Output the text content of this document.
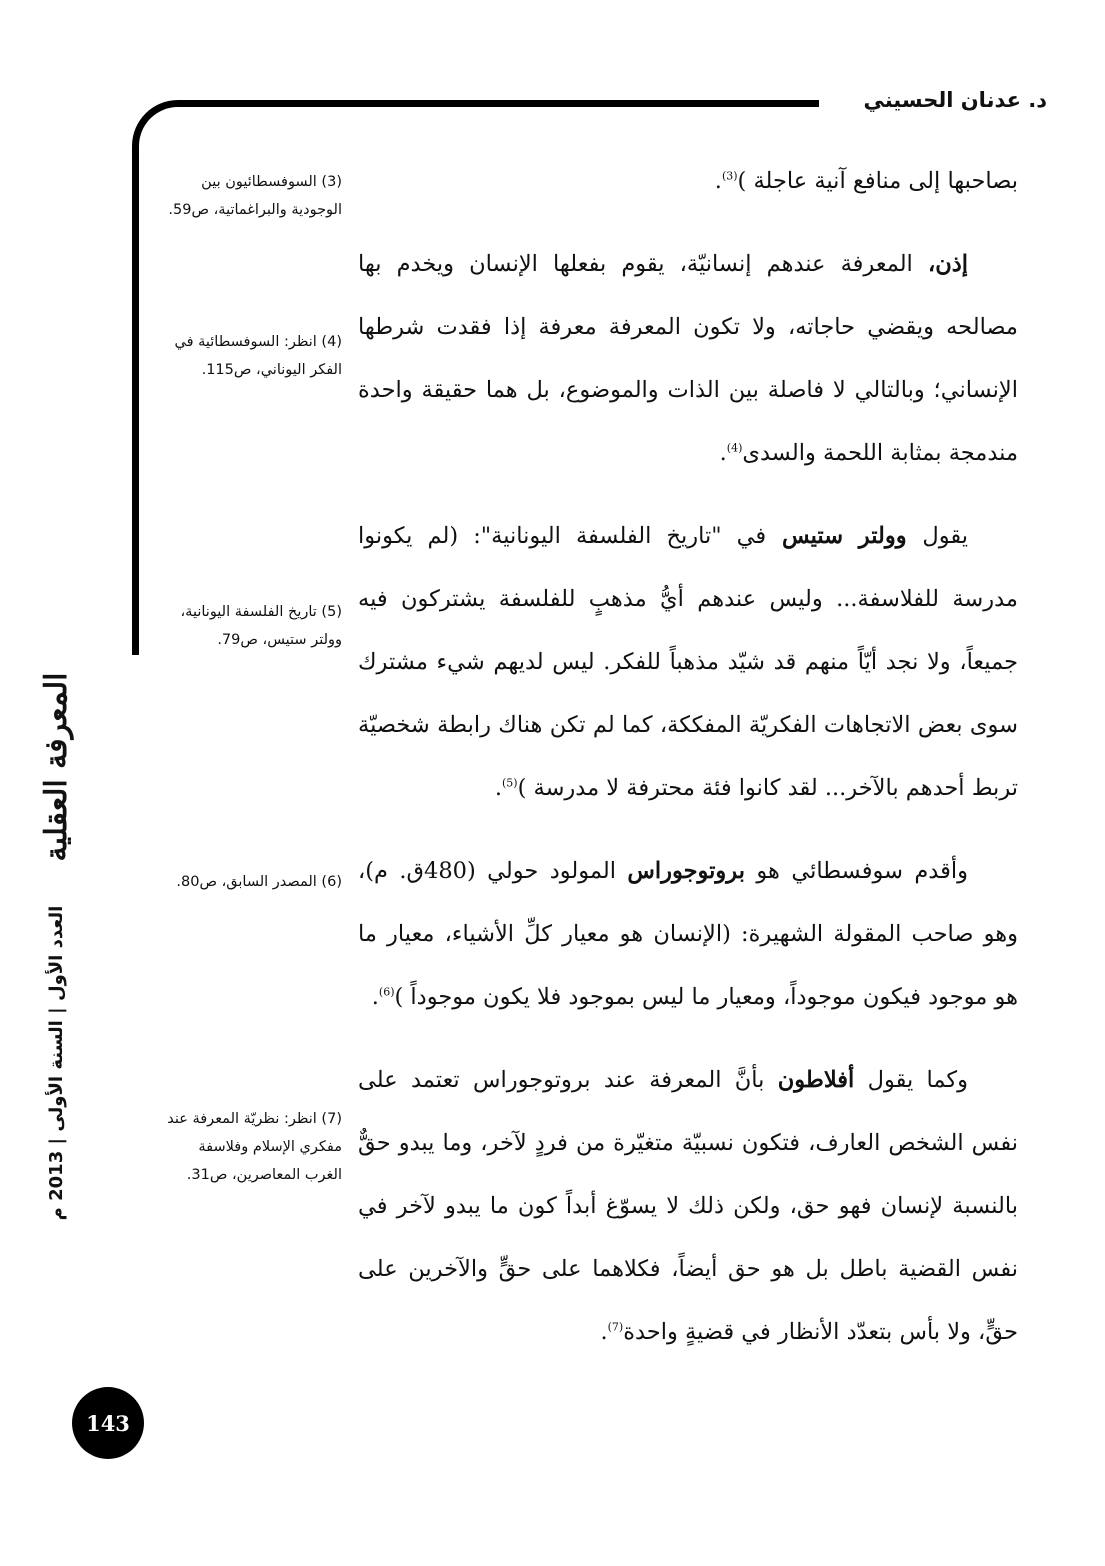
د. عدنان الحسيني
المعرفة العقلية
العدد الأول | السنة الأولى | 2013 م

بصاحبها إلى منافع آنية عاجلة )$^{(3)}$.

إذن، المعرفة عندهم إنسانيّة، يقوم بفعلها الإنسان ويخدم بها مصالحه ويقضي حاجاته، ولا تكون المعرفة معرفة إذا فقدت شرطها الإنساني؛ وبالتالي لا فاصلة بين الذات والموضوع، بل هما حقيقة واحدة مندمجة بمثابة اللحمة والسدى$^{(4)}$.

يقول وولتر ستيس في "تاريخ الفلسفة اليونانية": (لم يكونوا مدرسة للفلاسفة... وليس عندهم أيُّ مذهبٍ للفلسفة يشتركون فيه جميعاً، ولا نجد أيّاً منهم قد شيّد مذهباً للفكر. ليس لديهم شيء مشترك سوى بعض الاتجاهات الفكريّة المفككة، كما لم تكن هناك رابطة شخصيّة تربط أحدهم بالآخر... لقد كانوا فئة محترفة لا مدرسة )$^{(5)}$.

وأقدم سوفسطائي هو بروتوجوراس المولود حولي (480ق. م)، وهو صاحب المقولة الشهيرة: (الإنسان هو معيار كلِّ الأشياء، معيار ما هو موجود فيكون موجوداً، ومعيار ما ليس بموجود فلا يكون موجوداً )$^{(6)}$.

وكما يقول أفلاطون بأنَّ المعرفة عند بروتوجوراس تعتمد على نفس الشخص العارف، فتكون نسبيّة متغيّرة من فردٍ لآخر، وما يبدو حقٌّ بالنسبة لإنسان فهو حق، ولكن ذلك لا يسوّغ أبداً كون ما يبدو لآخر في نفس القضية باطل بل هو حق أيضاً، فكلاهما على حقٍّ والآخرين على حقٍّ، ولا بأس بتعدّد الأنظار في قضيةٍ واحدة$^{(7)}$.

(3) السوفسطائيون بين الوجودية والبراغماتية، ص59.
(4) انظر: السوفسطائية في الفكر اليوناني، ص115.
(5) تاريخ الفلسفة اليونانية، وولتر ستيس، ص79.
(6) المصدر السابق، ص80.
(7) انظر: نظريّة المعرفة عند مفكري الإسلام وفلاسفة الغرب المعاصرين، ص31.
143
